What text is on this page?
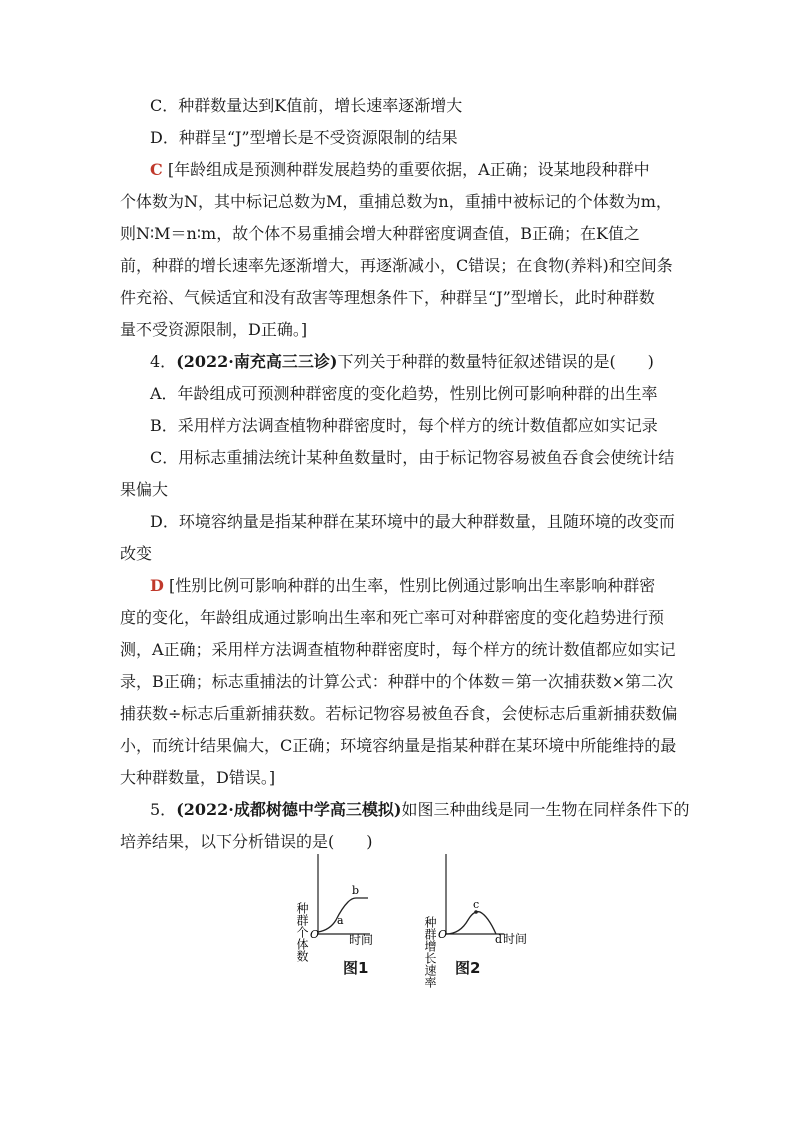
C．种群数量达到K值前，增长速率逐渐增大
D．种群呈“J”型增长是不受资源限制的结果
C [年龄组成是预测种群发展趋势的重要依据，A正确；设某地段种群中
个体数为N，其中标记总数为M，重捕总数为n，重捕中被标记的个体数为m，
则N∶M＝n∶m，故个体不易重捕会增大种群密度调查值，B正确；在K值之
前，种群的增长速率先逐渐增大，再逐渐减小，C错误；在食物(养料)和空间条
件充裕、气候适宜和没有敌害等理想条件下，种群呈“J”型增长，此时种群数
量不受资源限制，D正确。]
4．(2022·南充高三三诊)下列关于种群的数量特征叙述错误的是(　　)
A．年龄组成可预测种群密度的变化趋势，性别比例可影响种群的出生率
B．采用样方法调查植物种群密度时，每个样方的统计数值都应如实记录
C．用标志重捕法统计某种鱼数量时，由于标记物容易被鱼吞食会使统计结
果偏大
D．环境容纳量是指某种群在某环境中的最大种群数量，且随环境的改变而
改变
D [性别比例可影响种群的出生率，性别比例通过影响出生率影响种群密
度的变化，年龄组成通过影响出生率和死亡率可对种群密度的变化趋势进行预
测，A正确；采用样方法调查植物种群密度时，每个样方的统计数值都应如实记
录，B正确；标志重捕法的计算公式：种群中的个体数＝第一次捕获数×第二次
捕获数÷标志后重新捕获数。若标记物容易被鱼吞食，会使标志后重新捕获数偏
小，而统计结果偏大，C正确；环境容纳量是指某种群在某环境中所能维持的最
大种群数量，D错误。]
5．(2022·成都树德中学高三模拟)如图三种曲线是同一生物在同样条件下的
培养结果，以下分析错误的是(　　)
种群个体数 O 时间
a
b
图1	种群增长速率 O
c
d 时间
图2
